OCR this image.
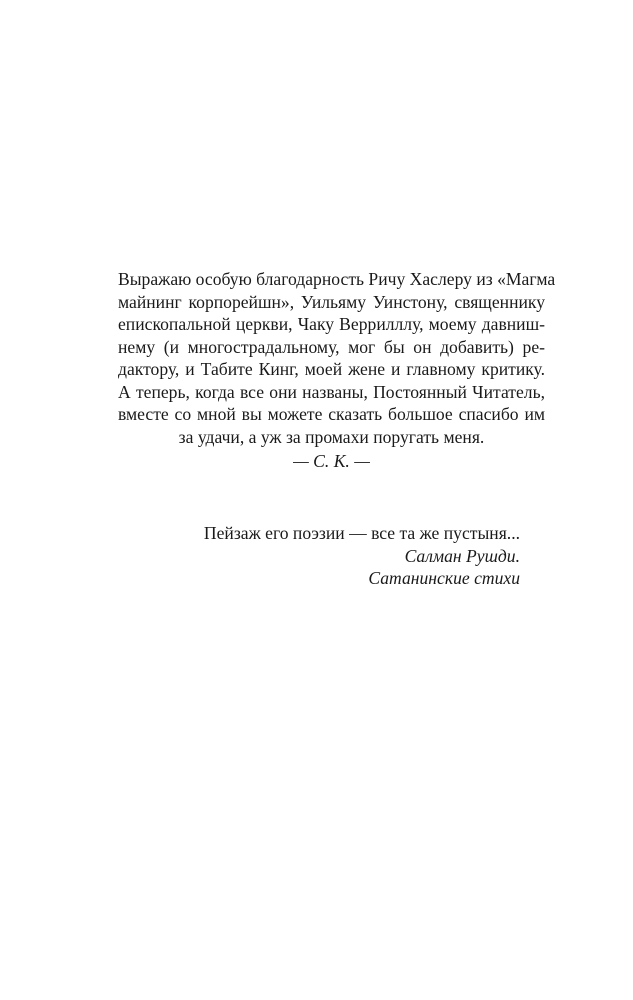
Выражаю особую благодарность Ричу Хаслеру из «Магма
майнинг корпорейшн», Уильяму Уинстону, священнику
епископальной церкви, Чаку Веррилллу, моему давниш-
нему (и многострадальному, мог бы он добавить) ре-
дактору, и Табите Кинг, моей жене и главному критику.
А теперь, когда все они названы, Постоянный Читатель,
вместе со мной вы можете сказать большое спасибо им
за удачи, а уж за промахи поругать меня.
— С. К. —
Пейзаж его поэзии — все та же пустыня...
Салман Рушди.
Сатанинские стихи
